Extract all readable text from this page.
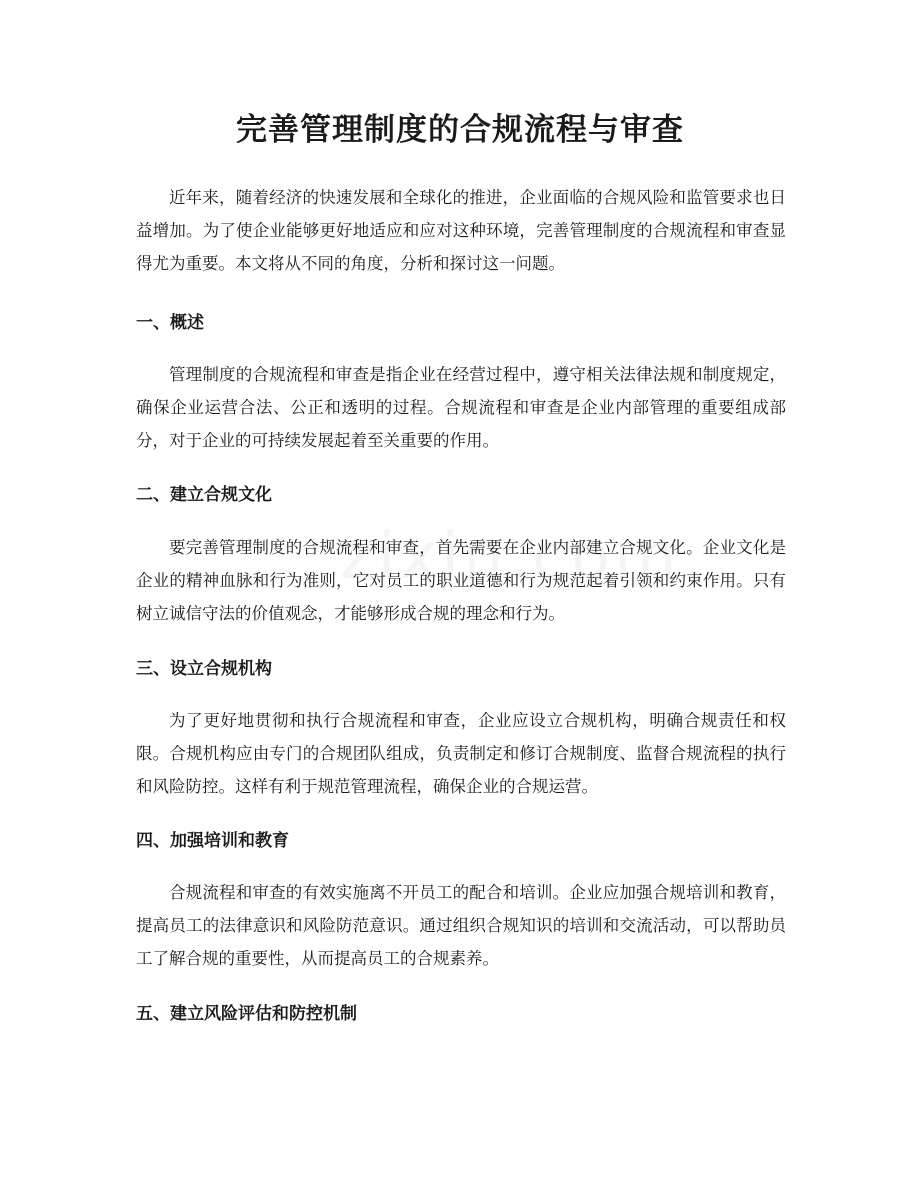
完善管理制度的合规流程与审查

近年来，随着经济的快速发展和全球化的推进，企业面临的合规风险和监管要求也日益增加。为了使企业能够更好地适应和应对这种环境，完善管理制度的合规流程和审查显得尤为重要。本文将从不同的角度，分析和探讨这一问题。

一、概述

管理制度的合规流程和审查是指企业在经营过程中，遵守相关法律法规和制度规定，确保企业运营合法、公正和透明的过程。合规流程和审查是企业内部管理的重要组成部分，对于企业的可持续发展起着至关重要的作用。

二、建立合规文化

要完善管理制度的合规流程和审查，首先需要在企业内部建立合规文化。企业文化是企业的精神血脉和行为准则，它对员工的职业道德和行为规范起着引领和约束作用。只有树立诚信守法的价值观念，才能够形成合规的理念和行为。

三、设立合规机构

为了更好地贯彻和执行合规流程和审查，企业应设立合规机构，明确合规责任和权限。合规机构应由专门的合规团队组成，负责制定和修订合规制度、监督合规流程的执行和风险防控。这样有利于规范管理流程，确保企业的合规运营。

四、加强培训和教育

合规流程和审查的有效实施离不开员工的配合和培训。企业应加强合规培训和教育，提高员工的法律意识和风险防范意识。通过组织合规知识的培训和交流活动，可以帮助员工了解合规的重要性，从而提高员工的合规素养。

五、建立风险评估和防控机制
